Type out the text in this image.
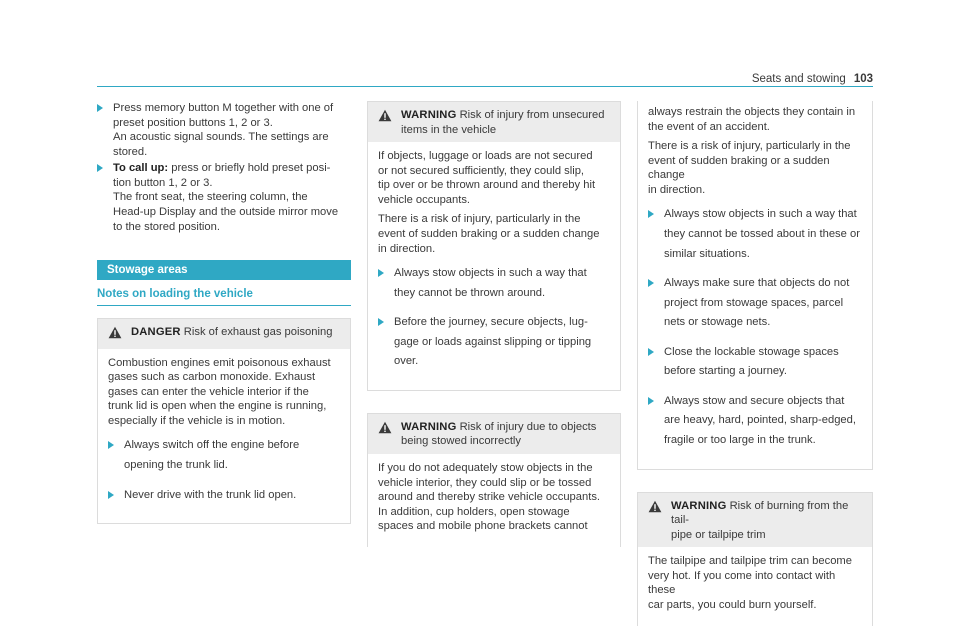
Seats and stowing 103

Press memory button M together with one of

preset position buttons 1, 2 or 3.

An acoustic signal sounds. The settings are

stored.

To call up: press or briefly hold preset posi-

tion button 1, 2 or 3.

The front seat, the steering column, the

Head-up Display and the outside mirror move

to the stored position.

Stowage areas
Notes on loading the vehicle
DANGER Risk of exhaust gas poisoning

Combustion engines emit poisonous exhaust
gases such as carbon monoxide. Exhaust
gases can enter the vehicle interior if the
trunk lid is open when the engine is running,
especially if the vehicle is in motion.

Always switch off the engine before

opening the trunk lid.

Never drive with the trunk lid open.

WARNING Risk of injury from unsecured
items in the vehicle

If objects, luggage or loads are not secured
or not secured sufficiently, they could slip,
tip over or be thrown around and thereby hit
vehicle occupants.

There is a risk of injury, particularly in the
event of sudden braking or a sudden change
in direction.

Always stow objects in such a way that

they cannot be thrown around.

Before the journey, secure objects, lug-

gage or loads against slipping or tipping

over.

WARNING Risk of injury due to objects
being stowed incorrectly

If you do not adequately stow objects in the
vehicle interior, they could slip or be tossed
around and thereby strike vehicle occupants.
In addition, cup holders, open stowage
spaces and mobile phone brackets cannot

always restrain the objects they contain in
the event of an accident.

There is a risk of injury, particularly in the
event of sudden braking or a sudden change
in direction.

Always stow objects in such a way that

they cannot be tossed about in these or

similar situations.

Always make sure that objects do not

project from stowage spaces, parcel

nets or stowage nets.

Close the lockable stowage spaces

before starting a journey.

Always stow and secure objects that

are heavy, hard, pointed, sharp-edged,

fragile or too large in the trunk.

WARNING Risk of burning from the tail-
pipe or tailpipe trim

The tailpipe and tailpipe trim can become
very hot. If you come into contact with these
car parts, you could burn yourself.
